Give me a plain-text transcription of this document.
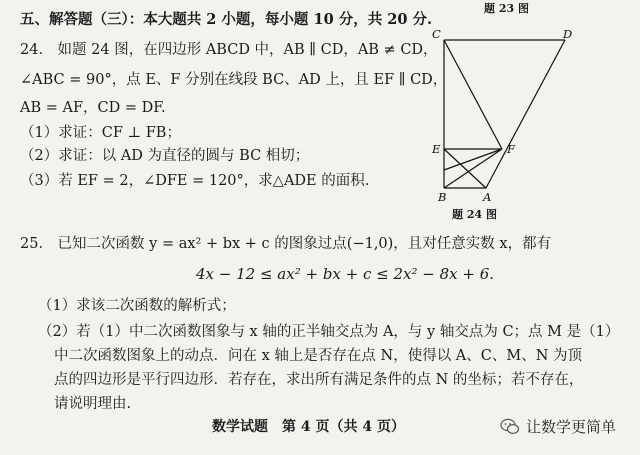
题 23 图
五、解答题（三）：本大题共 2 小题，每小题 10 分，共 20 分.
24． 如题 24 图，在四边形 ABCD 中，AB ∥ CD，AB ≠ CD，
∠ABC = 90°，点 E、F 分别在线段 BC、AD 上，且 EF ∥ CD，
AB = AF，CD = DF.
（1）求证：CF ⊥ FB；
（2）求证：以 AD 为直径的圆与 BC 相切；
（3）若 EF = 2，∠DFE = 120°，求△ADE 的面积.
C	D
E	F
B	A
题 24 图
25． 已知二次函数 y = ax² + bx + c 的图象过点(−1,0)，且对任意实数 x，都有
4x − 12 ≤ ax² + bx + c ≤ 2x² − 8x + 6.
（1）求该二次函数的解析式；
（2）若（1）中二次函数图象与 x 轴的正半轴交点为 A，与 y 轴交点为 C；点 M 是（1）
中二次函数图象上的动点．问在 x 轴上是否存在点 N，使得以 A、C、M、N 为顶
点的四边形是平行四边形．若存在，求出所有满足条件的点 N 的坐标；若不存在，
请说明理由.
数学试题　第 4 页（共 4 页）	让数学更简单
